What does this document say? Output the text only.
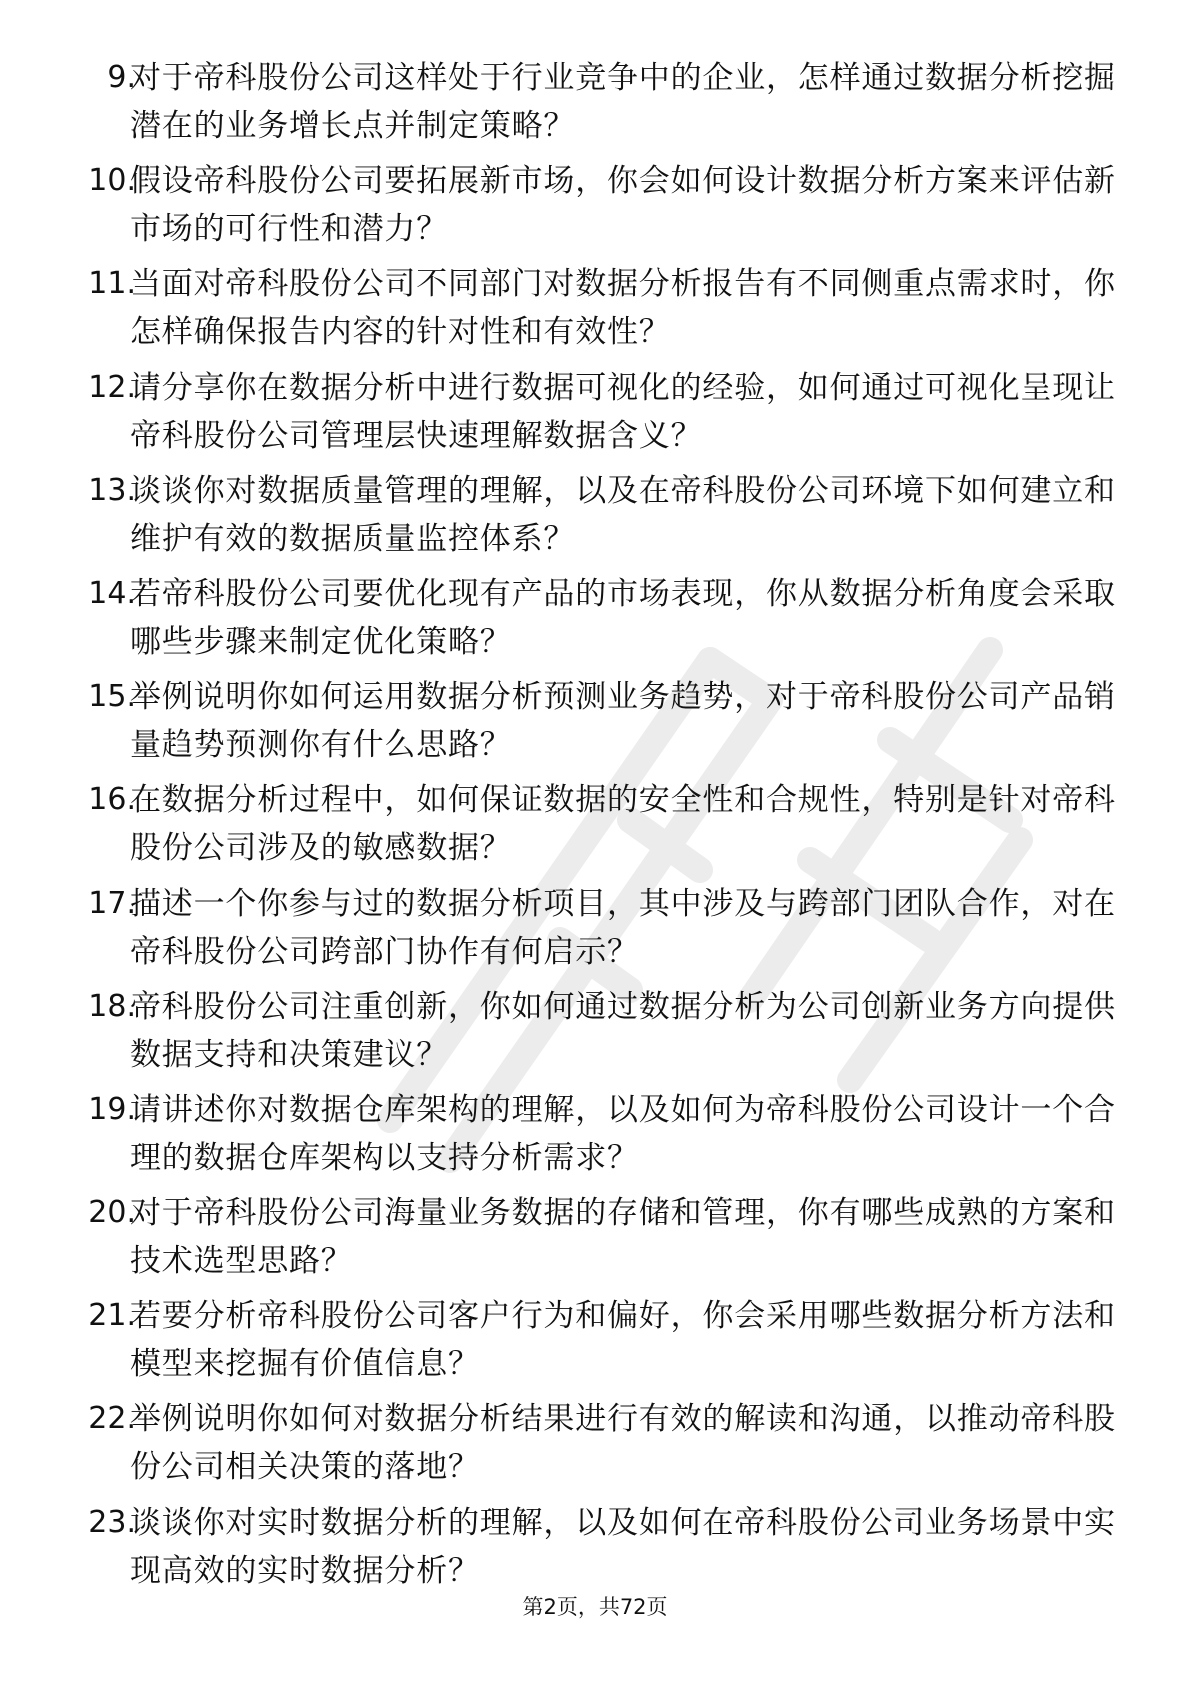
9.
对于帝科股份公司这样处于行业竞争中的企业，怎样通过数据分析挖掘潜在的业务增长点并制定策略？
10.
假设帝科股份公司要拓展新市场，你会如何设计数据分析方案来评估新市场的可行性和潜力？
11.
当面对帝科股份公司不同部门对数据分析报告有不同侧重点需求时，你怎样确保报告内容的针对性和有效性？
12.
请分享你在数据分析中进行数据可视化的经验，如何通过可视化呈现让帝科股份公司管理层快速理解数据含义？
13.
谈谈你对数据质量管理的理解，以及在帝科股份公司环境下如何建立和维护有效的数据质量监控体系？
14.
若帝科股份公司要优化现有产品的市场表现，你从数据分析角度会采取哪些步骤来制定优化策略？
15.
举例说明你如何运用数据分析预测业务趋势，对于帝科股份公司产品销量趋势预测你有什么思路？
16.
在数据分析过程中，如何保证数据的安全性和合规性，特别是针对帝科股份公司涉及的敏感数据？
17.
描述一个你参与过的数据分析项目，其中涉及与跨部门团队合作，对在帝科股份公司跨部门协作有何启示？
18.
帝科股份公司注重创新，你如何通过数据分析为公司创新业务方向提供数据支持和决策建议？
19.
请讲述你对数据仓库架构的理解，以及如何为帝科股份公司设计一个合理的数据仓库架构以支持分析需求？
20.
对于帝科股份公司海量业务数据的存储和管理，你有哪些成熟的方案和技术选型思路？
21.
若要分析帝科股份公司客户行为和偏好，你会采用哪些数据分析方法和模型来挖掘有价值信息？
22.
举例说明你如何对数据分析结果进行有效的解读和沟通，以推动帝科股份公司相关决策的落地？
23.
谈谈你对实时数据分析的理解，以及如何在帝科股份公司业务场景中实现高效的实时数据分析？
第2页，共72页
